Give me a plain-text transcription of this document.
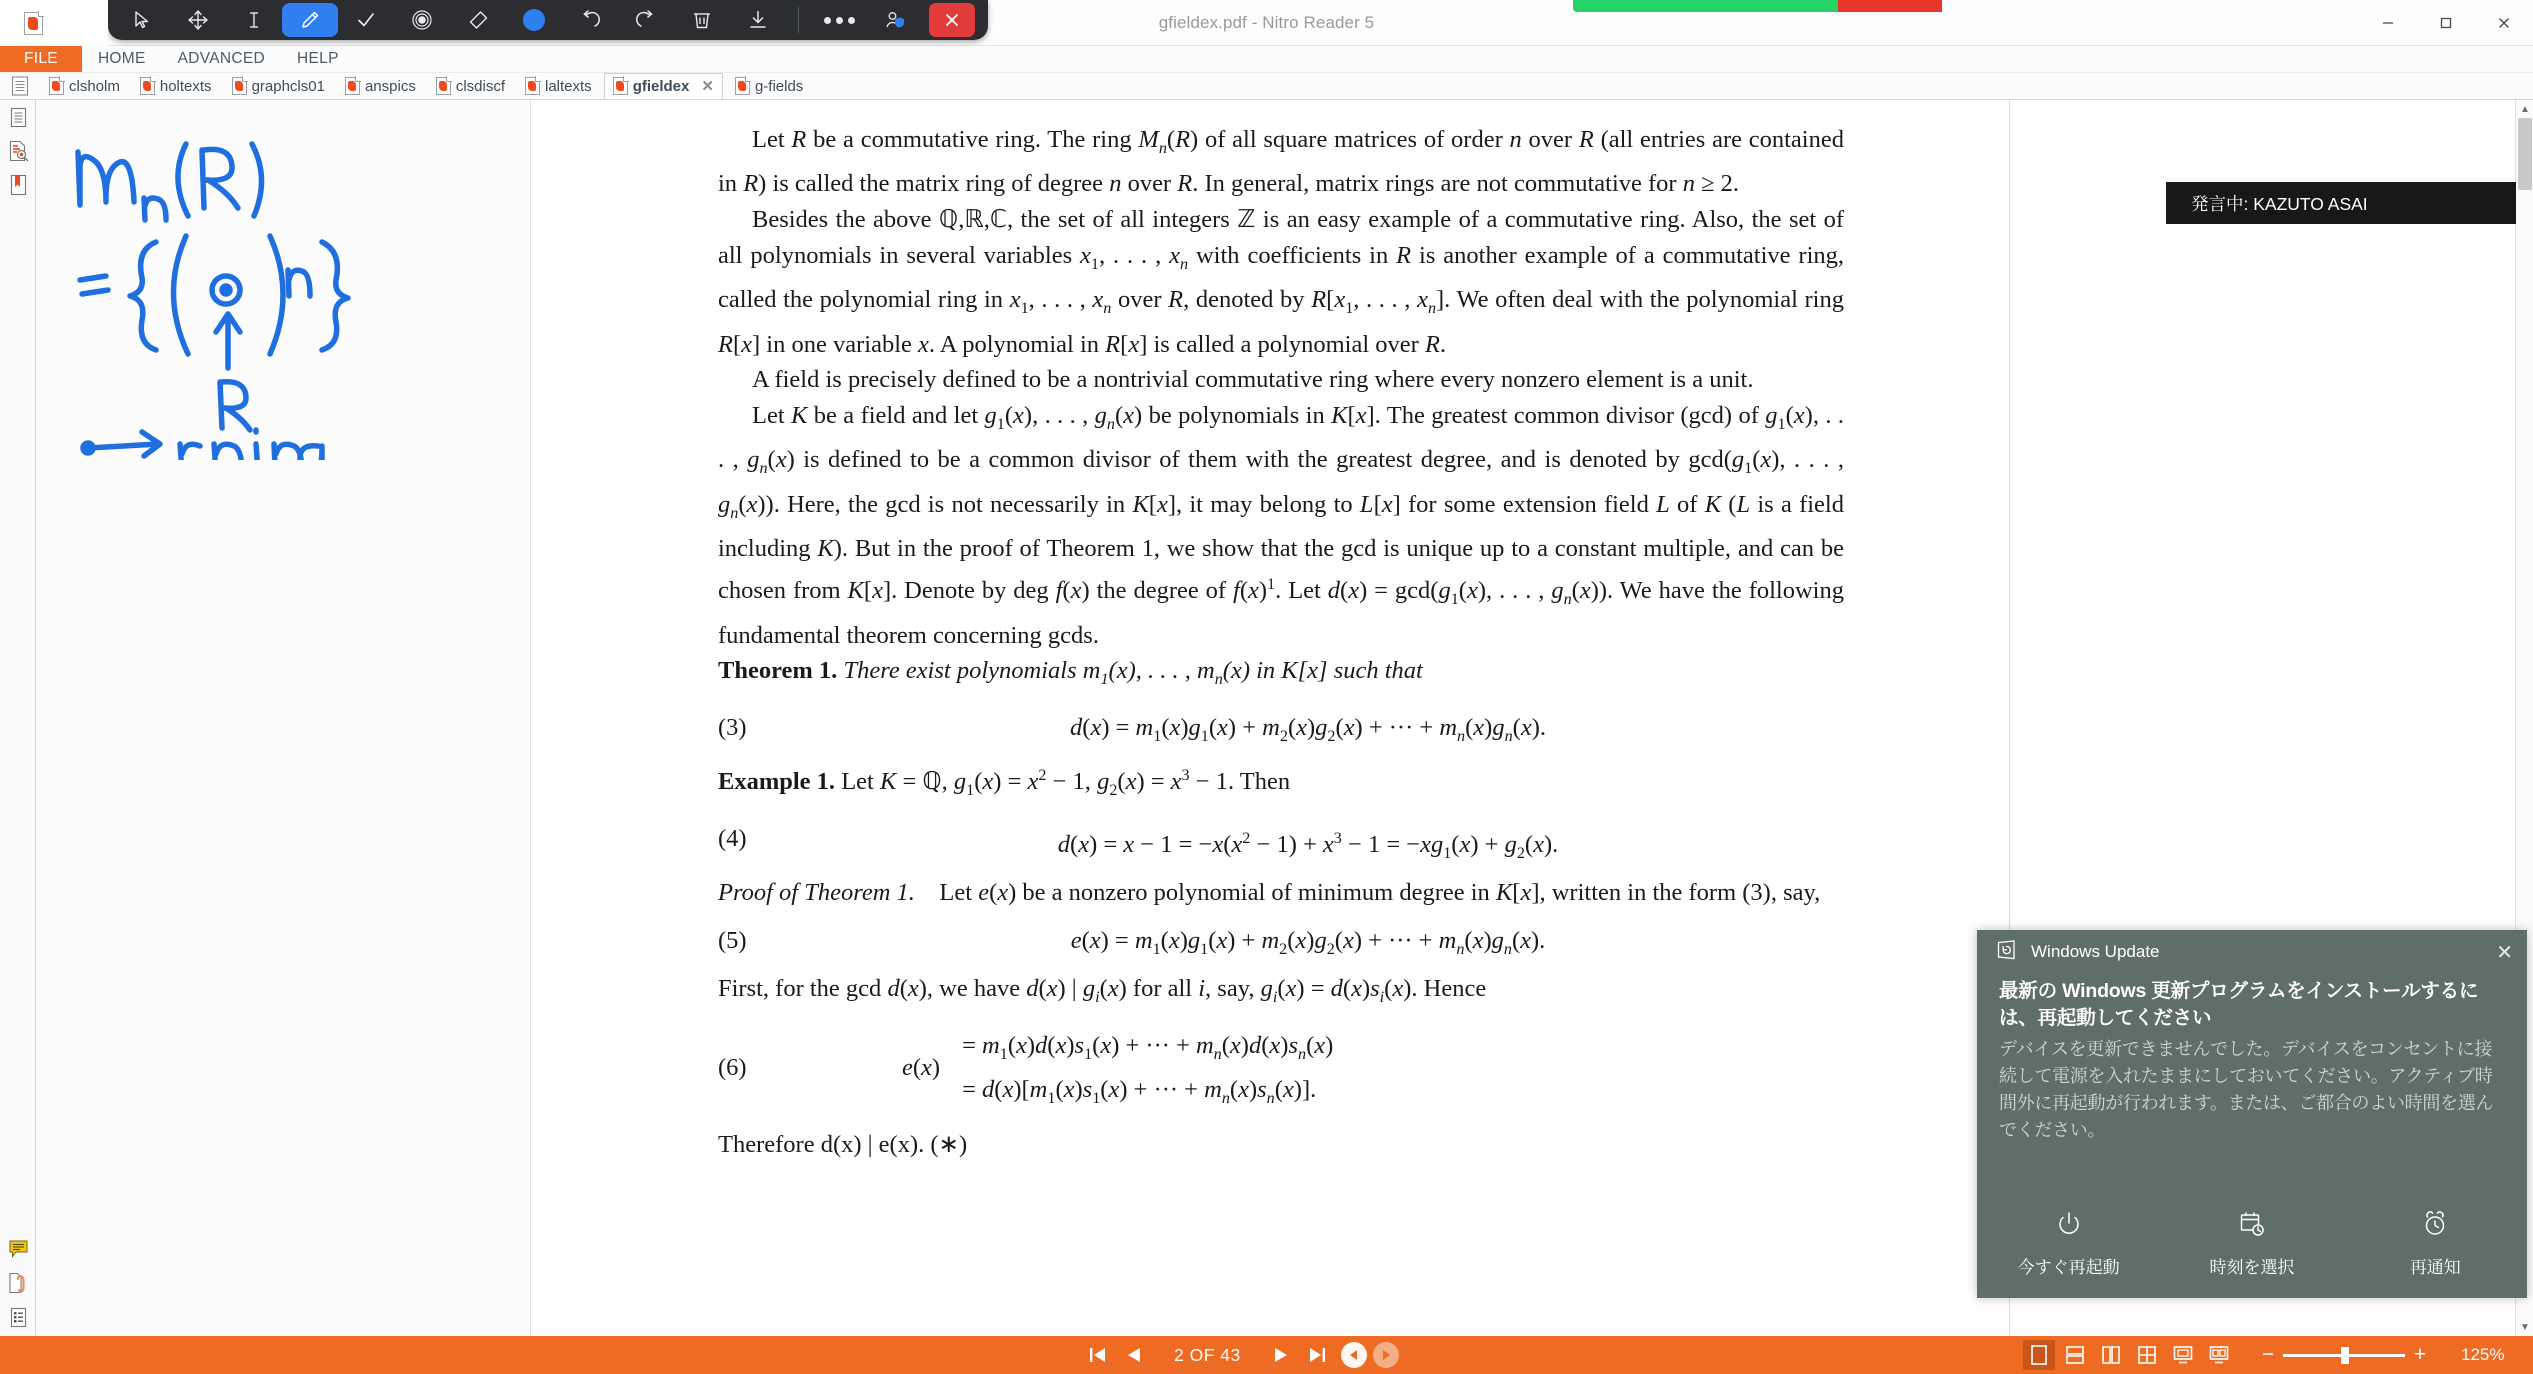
gfieldex.pdf - Nitro Reader 5
FILE	HOME	ADVANCED	HELP
clsholm	holtexts	graphcls01	anspics	clsdiscf	laltexts	gfieldex ✕	g-fields

Let R be a commutative ring. The ring $M_n(R)$ of all square matrices of order n over R (all entries are contained in R) is called the matrix ring of degree n over R. In general, matrix rings are not commutative for n ≥ 2.

Besides the above ℚ,ℝ,ℂ, the set of all integers ℤ is an easy example of a commutative ring. Also, the set of all polynomials in several variables $x_1$, . . . , $x_n$ with coefficients in R is another example of a commutative ring, called the polynomial ring in $x_1$, . . . , $x_n$ over R, denoted by $R[x_1$, . . . , $x_n$]. We often deal with the polynomial ring R[x] in one variable x. A polynomial in R[x] is called a polynomial over R.

A field is precisely defined to be a nontrivial commutative ring where every nonzero element is a unit.

Let K be a field and let $g_1(x)$, . . . , $g_n(x)$ be polynomials in K[x]. The greatest common divisor (gcd) of $g_1(x)$, . . . , $g_n(x)$ is defined to be a common divisor of them with the greatest degree, and is denoted by $\gcd(g_1(x)$, . . . , $g_n(x)$). Here, the gcd is not necessarily in K[x], it may belong to L[x] for some extension field L of K (L is a field including K). But in the proof of Theorem 1, we show that the gcd is unique up to a constant multiple, and can be chosen from K[x]. Denote by deg f(x) the degree of $f(x)^1$. Let $d(x) = \gcd(g_1(x)$, . . . , $g_n(x)$). We have the following fundamental theorem concerning gcds.

Theorem 1. There exist polynomials $m_1(x)$, . . . , $m_n(x)$ in K[x] such that

(3)	$d(x) = m_1(x)g_1(x) + m_2(x)g_2(x)$ + ··· + $m_n(x)g_n(x)$.

Example 1. Let K = ℚ, $g_1(x) = x^2 - 1$, $g_2(x) = x^3 - 1$. Then

(4)	$d(x) = x - 1 = -x(x^2 - 1) + x^3 - 1 = -xg_1(x) + g_2(x)$.

Proof of Theorem 1.    Let e(x) be a nonzero polynomial of minimum degree in K[x], written in the form (3), say,

(5)	$e(x) = m_1(x)g_1(x) + m_2(x)g_2(x)$ + ··· + $m_n(x)g_n(x)$.

First, for the gcd d(x), we have d(x) | $g_i(x)$ for all i, say, $g_i(x) = d(x)s_i(x)$. Hence

(6)	e(x)
= $m_1(x)d(x)s_1(x)$ + ··· + $m_n(x)d(x)s_n(x)$
= $d(x)[m_1(x)s_1(x)$ + ··· + $m_n(x)s_n(x)$].

Therefore d(x) | e(x). (∗)

▲
▼
発言中: KAZUTO ASAI
Windows Update	✕
最新の Windows 更新プログラムをインストールするには、再起動してください
デバイスを更新できませんでした。デバイスをコンセントに接続して電源を入れたままにしておいてください。アクティブ時間外に再起動が行われます。または、ご都合のよい時間を選んでください。
今すぐ再起動	時刻を選択	再通知
2 OF 43	−	+	125%
